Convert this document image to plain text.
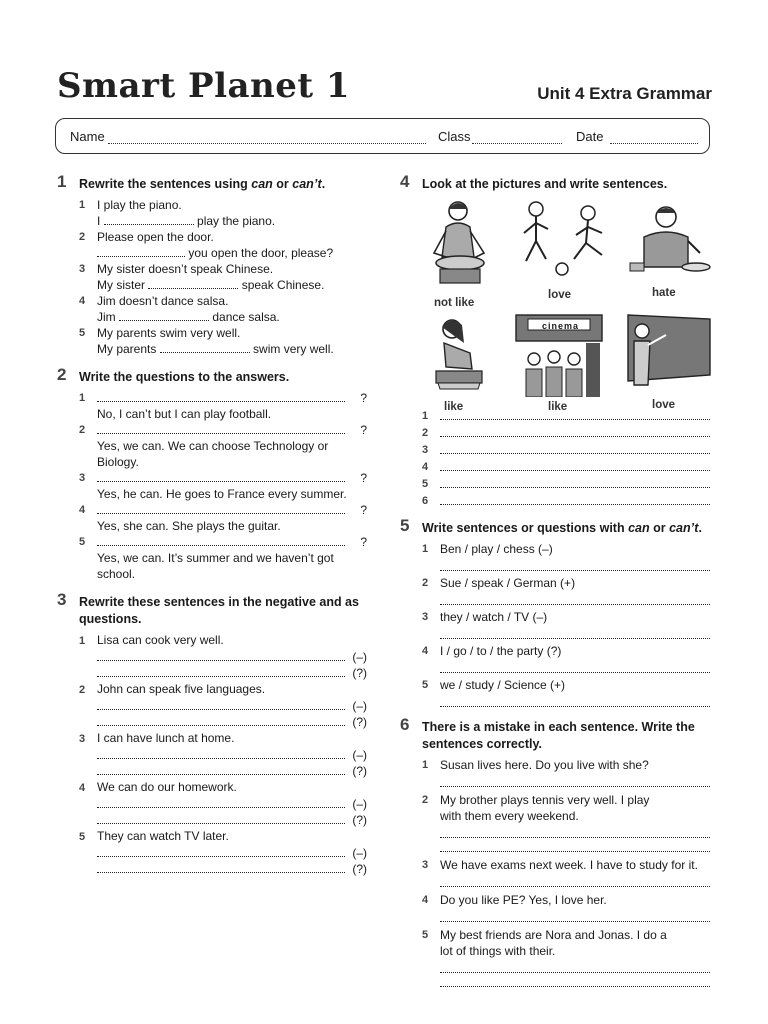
Smart Planet 1	Unit 4 Extra Grammar
Name	Class	Date
1 Rewrite the sentences using can or can’t.
1 I play the piano.
I	play the piano.
2 Please open the door.
you open the door, please?
3 My sister doesn’t speak Chinese.
My sister	speak Chinese.
4 Jim doesn’t dance salsa.
Jim	dance salsa.
5 My parents swim very well.
My parents	swim very well.
2 Write the questions to the answers.
1	?
No, I can’t but I can play football.
2	?
Yes, we can. We can choose Technology or Biology.
3	?
Yes, he can. He goes to France every summer.
4	?
Yes, she can. She plays the guitar.
5	?
Yes, we can. It’s summer and we haven’t got school.
3 Rewrite these sentences in the negative and as questions.
Lisa can cook very well.
1
(–)
(?)
John can speak five languages.
2
(–)
(?)
I can have lunch at home.
3
(–)
(?)
We can do our homework.
4
(–)
(?)
They can watch TV later.
5
(–)
(?)
4 Look at the pictures and write sentences.
not like
love	hate
like
cinema
like	love
1
2
3
4
5
6
5 Write sentences or questions with can or can’t.
1 Ben / play / chess (–)
2 Sue / speak / German (+)
3 they / watch / TV (–)
4 I / go / to / the party (?)
5 we / study / Science (+)
6 There is a mistake in each sentence. Write the sentences correctly.
1 Susan lives here. Do you live with she?
2 My brother plays tennis very well. I play with them every weekend.
3 We have exams next week. I have to study for it.
4 Do you like PE? Yes, I love her.
5 My best friends are Nora and Jonas. I do a lot of things with their.
